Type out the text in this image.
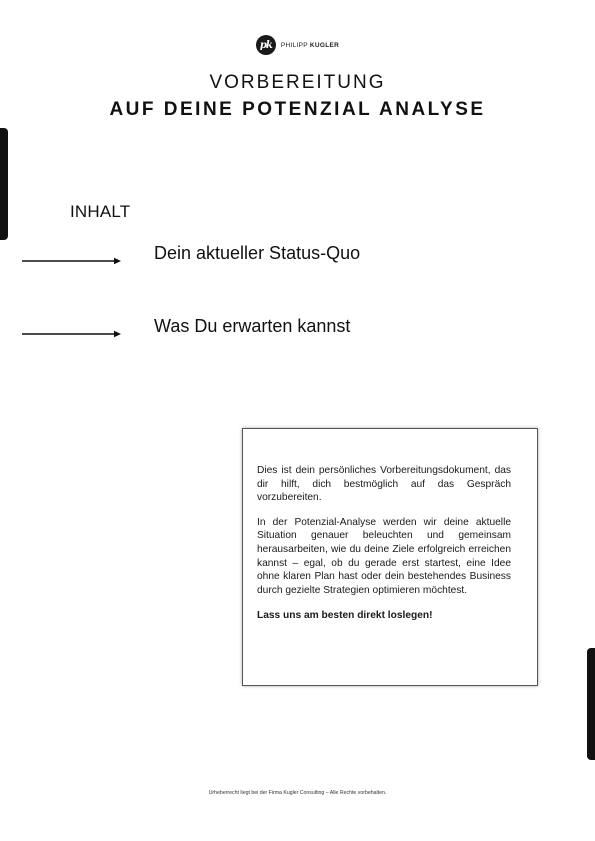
pk	PHILIPP KUGLER
VORBEREITUNG
AUF DEINE POTENZIAL ANALYSE
INHALT
Dein aktueller Status-Quo
Was Du erwarten kannst

Dies ist dein persönliches Vorbereitungsdokument, das dir hilft, dich bestmöglich auf das Gespräch vorzubereiten.

In der Potenzial-Analyse werden wir deine aktuelle Situation genauer beleuchten und gemeinsam herausarbeiten, wie du deine Ziele erfolgreich erreichen kannst – egal, ob du gerade erst startest, eine Idee ohne klaren Plan hast oder dein bestehendes Business durch gezielte Strategien optimieren möchtest.

Lass uns am besten direkt loslegen!

Urheberrecht liegt bei der Firma Kugler Consulting – Alle Rechte vorbehalten.
